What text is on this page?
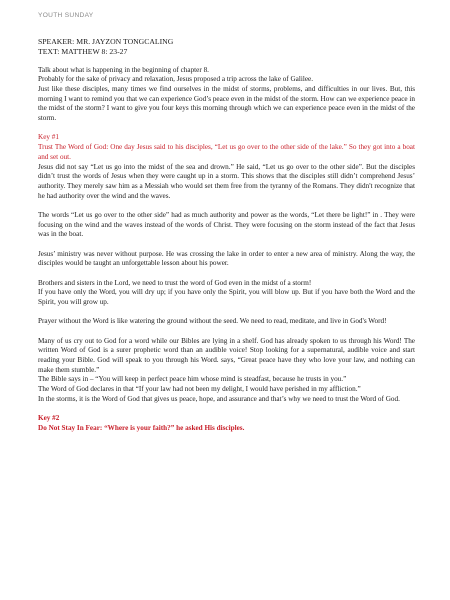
YOUTH SUNDAY
SPEAKER: MR. JAYZON TONGCALING
TEXT: MATTHEW 8: 23-27

Talk about what is happening in the beginning of chapter 8.

Probably for the sake of privacy and relaxation, Jesus proposed a trip across the lake of Galilee.

Just like these disciples, many times we find ourselves in the midst of storms, problems, and difficulties in our lives. But, this morning I want to remind you that we can experience God’s peace even in the midst of the storm. How can we experience peace in the midst of the storm? I want to give you four keys this morning through which we can experience peace even in the midst of the storm.

Key #1

Trust The Word of God: One day Jesus said to his disciples, “Let us go over to the other side of the lake.” So they got into a boat and set out.

Jesus did not say “Let us go into the midst of the sea and drown.” He said, “Let us go over to the other side”. But the disciples didn’t trust the words of Jesus when they were caught up in a storm. This shows that the disciples still didn’t comprehend Jesus’ authority. They merely saw him as a Messiah who would set them free from the tyranny of the Romans. They didn't recognize that he had authority over the wind and the waves.

The words “Let us go over to the other side” had as much authority and power as the words, “Let there be light!” in . They were focusing on the wind and the waves instead of the words of Christ. They were focusing on the storm instead of the fact that Jesus was in the boat.

Jesus’ ministry was never without purpose. He was crossing the lake in order to enter a new area of ministry. Along the way, the disciples would be taught an unforgettable lesson about his power.

Brothers and sisters in the Lord, we need to trust the word of God even in the midst of a storm!

If you have only the Word, you will dry up; if you have only the Spirit, you will blow up. But if you have both the Word and the Spirit, you will grow up.

Prayer without the Word is like watering the ground without the seed. We need to read, meditate, and live in God's Word!

Many of us cry out to God for a word while our Bibles are lying in a shelf. God has already spoken to us through his Word! The written Word of God is a surer prophetic word than an audible voice! Stop looking for a supernatural, audible voice and start reading your Bible. God will speak to you through his Word. says, “Great peace have they who love your law, and nothing can make them stumble.”

The Bible says in – “You will keep in perfect peace him whose mind is steadfast, because he trusts in you.”

The Word of God declares in that “If your law had not been my delight, I would have perished in my affliction.”

In the storms, it is the Word of God that gives us peace, hope, and assurance and that’s why we need to trust the Word of God.

Key #2

Do Not Stay In Fear: “Where is your faith?” he asked His disciples.
